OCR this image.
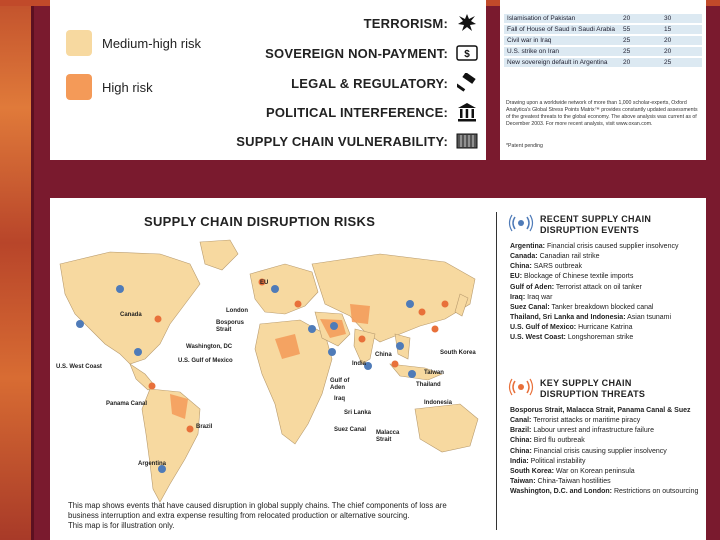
Medium-high risk
High risk
TERRORISM:
SOVEREIGN NON-PAYMENT: $
LEGAL & REGULATORY:
POLITICAL INTERFERENCE:
SUPPLY CHAIN VULNERABILITY:
Islamisation of Pakistan	20	30
Fall of House of Saud in Saudi Arabia	55	15
Civil war in Iraq	25	20
U.S. strike on Iran	25	20
New sovereign default in Argentina	20	25
Drawing upon a worldwide network of more than 1,000 scholar-experts, Oxford Analytica's Global Stress Points Matrix™ provides constantly updated assessments of the greatest threats to the global economy. The above analysis was current as of December 2003. For more recent analysis, visit www.oxan.com.
*Patent pending
SUPPLY CHAIN DISRUPTION RISKS
EU
Canada
London
Bosporus Strait
Washington, DC
U.S. Gulf of Mexico
U.S. West Coast
China	South Korea
India
Taiwan
Gulf of Aden
Thailand
Iraq
Panama Canal	Indonesia
Sri Lanka
Brazil	Suez Canal Malacca Strait
Argentina
This map shows events that have caused disruption in global supply chains. The chief components of loss are business interruption and extra expense resulting from relocated production or alternative sourcing.
This map is for illustration only.
RECENT SUPPLY CHAIN DISRUPTION EVENTS
Argentina: Financial crisis caused supplier insolvency
Canada: Canadian rail strike
China: SARS outbreak
EU: Blockage of Chinese textile imports
Gulf of Aden: Terrorist attack on oil tanker
Iraq: Iraq war
Suez Canal: Tanker breakdown blocked canal
Thailand, Sri Lanka and Indonesia: Asian tsunami
U.S. Gulf of Mexico: Hurricane Katrina
U.S. West Coast: Longshoreman strike
KEY SUPPLY CHAIN DISRUPTION THREATS
Bosporus Strait, Malacca Strait, Panama Canal & Suez Canal: Terrorist attacks or maritime piracy
Brazil: Labour unrest and infrastructure failure
China: Bird flu outbreak
China: Financial crisis causing supplier insolvency
India: Political instability
South Korea: War on Korean peninsula
Taiwan: China-Taiwan hostilities
Washington, D.C. and London: Restrictions on outsourcing
